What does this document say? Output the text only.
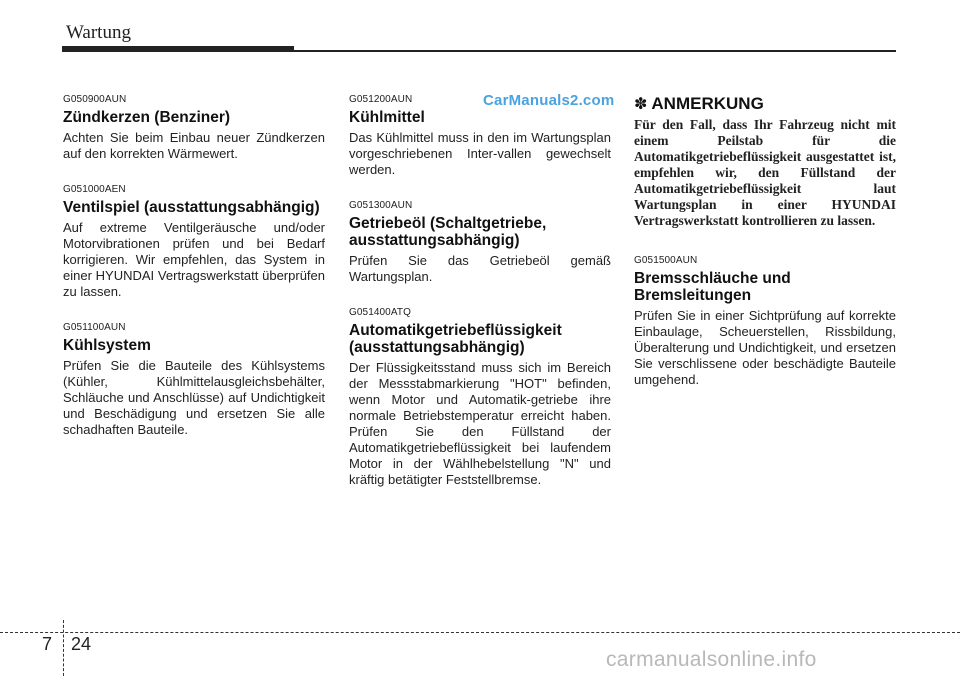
Wartung
CarManuals2.com
G050900AUN
Zündkerzen (Benziner)
Achten Sie beim Einbau neuer Zündkerzen auf den korrekten Wärmewert.
G051000AEN
Ventilspiel (ausstattungsabhängig)
Auf extreme Ventilgeräusche und/oder Motorvibrationen prüfen und bei Bedarf korrigieren. Wir empfehlen, das System in einer HYUNDAI Vertragswerkstatt überprüfen zu lassen.
G051100AUN
Kühlsystem
Prüfen Sie die Bauteile des Kühlsystems (Kühler, Kühlmittelausgleichsbehälter, Schläuche und Anschlüsse) auf Undichtigkeit und Beschädigung und ersetzen Sie alle schadhaften Bauteile.
G051200AUN
Kühlmittel
Das Kühlmittel muss in den im Wartungsplan vorgeschriebenen Inter-vallen gewechselt werden.
G051300AUN
Getriebeöl (Schaltgetriebe, ausstattungsabhängig)
Prüfen Sie das Getriebeöl gemäß Wartungsplan.
G051400ATQ
Automatikgetriebeflüssigkeit (ausstattungsabhängig)
Der Flüssigkeitsstand muss sich im Bereich der Messstabmarkierung "HOT" befinden, wenn Motor und Automatik-getriebe ihre normale Betriebstemperatur erreicht haben. Prüfen Sie den Füllstand der Automatikgetriebeflüssigkeit bei laufendem Motor in der Wählhebelstellung "N" und kräftig betätigter Feststellbremse.
✽ ANMERKUNG
Für den Fall, dass Ihr Fahrzeug nicht mit einem Peilstab für die Automatikgetriebeflüssigkeit ausgestattet ist, empfehlen wir, den Füllstand der Automatikgetriebeflüssigkeit laut Wartungsplan in einer HYUNDAI Vertragswerkstatt kontrollieren zu lassen.
G051500AUN
Bremsschläuche und Bremsleitungen
Prüfen Sie in einer Sichtprüfung auf korrekte Einbaulage, Scheuerstellen, Rissbildung, Überalterung und Undichtigkeit, und ersetzen Sie verschlissene oder beschädigte Bauteile umgehend.
7 24
carmanualsonline.info
